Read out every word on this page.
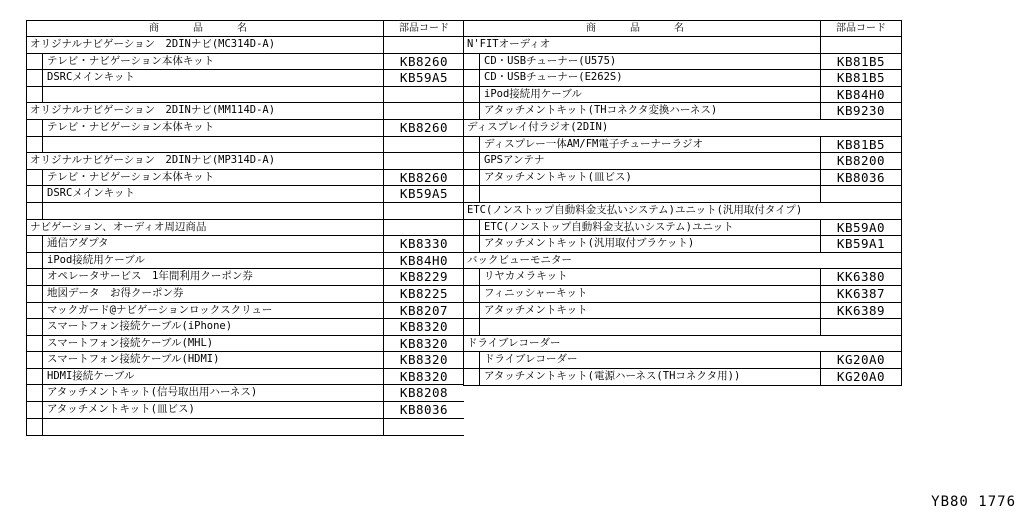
商 品 名	部品コード
オリジナルナビゲーション　2DINナビ(MC314D-A)
テレビ・ナビゲーション本体キット	KB8260
DSRCメインキット	KB59A5
オリジナルナビゲーション　2DINナビ(MM114D-A)
テレビ・ナビゲーション本体キット	KB8260
オリジナルナビゲーション　2DINナビ(MP314D-A)
テレビ・ナビゲーション本体キット	KB8260
DSRCメインキット	KB59A5
ナビゲーション、オーディオ周辺商品
通信アダプタ	KB8330
iPod接続用ケーブル	KB84H0
オペレータサービス　1年間利用クーポン券	KB8229
地図データ　お得クーポン券	KB8225
マックガード@ナビゲーションロックスクリュー	KB8207
スマートフォン接続ケーブル(iPhone)	KB8320
スマートフォン接続ケーブル(MHL)	KB8320
スマートフォン接続ケーブル(HDMI)	KB8320
HDMI接続ケーブル	KB8320
アタッチメントキット(信号取出用ハーネス)	KB8208
アタッチメントキット(皿ビス)	KB8036
商 品 名	部品コード
N'FITオーディオ
CD・USBチューナー(U575)	KB81B5
CD・USBチューナー(E262S)	KB81B5
iPod接続用ケーブル	KB84H0
アタッチメントキット(THコネクタ変換ハーネス)	KB9230
ディスプレイ付ラジオ(2DIN)
ディスプレー一体AM/FM電子チューナーラジオ	KB81B5
GPSアンテナ	KB8200
アタッチメントキット(皿ビス)	KB8036
ETC(ノンストップ自動料金支払いシステム)ユニット(汎用取付タイプ)
ETC(ノンストップ自動料金支払いシステム)ユニット	KB59A0
アタッチメントキット(汎用取付ブラケット)	KB59A1
バックビューモニター
リヤカメラキット	KK6380
フィニッシャーキット	KK6387
アタッチメントキット	KK6389
ドライブレコーダー
ドライブレコーダー	KG20A0
アタッチメントキット(電源ハーネス(THコネクタ用))	KG20A0
YB80 1776
